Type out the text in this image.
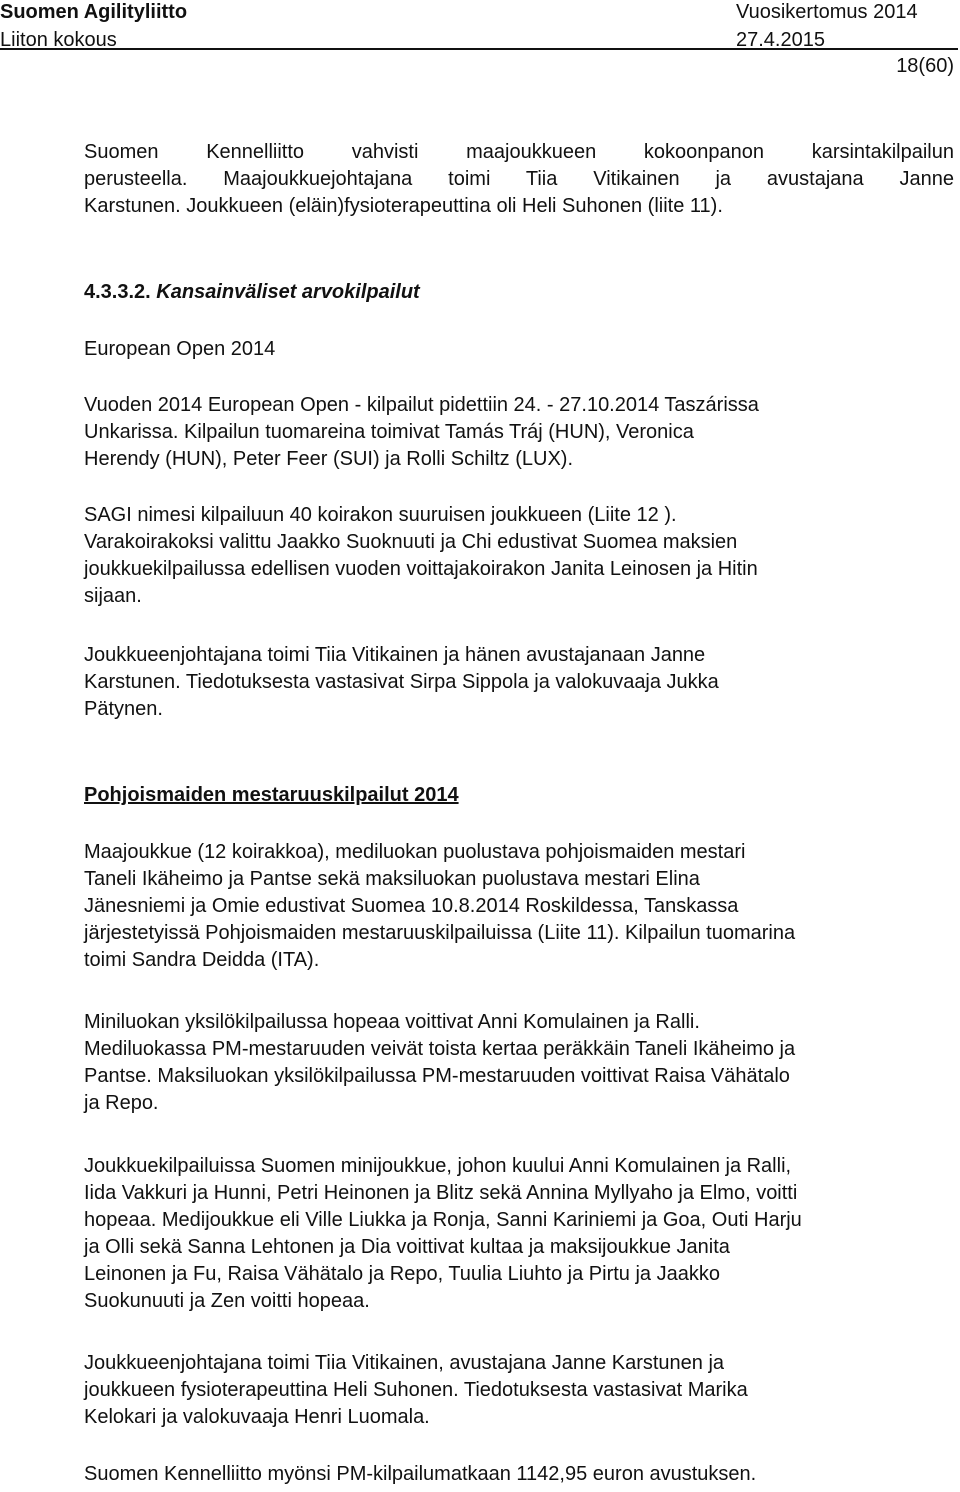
Suomen Agilityliitto	Vuosikertomus 2014
Liiton kokous	27.4.2015
18(60)

Suomen Kennelliitto vahvisti maajoukkueen kokoonpanon karsintakilpailun

perusteella. Maajoukkuejohtajana toimi Tiia Vitikainen ja avustajana Janne

Karstunen. Joukkueen (eläin)fysioterapeuttina oli Heli Suhonen (liite 11).

4.3.3.2. Kansainväliset arvokilpailut

European Open 2014

Vuoden 2014 European Open - kilpailut pidettiin 24. - 27.10.2014 Taszárissa

Unkarissa. Kilpailun tuomareina toimivat Tamás Tráj (HUN), Veronica

Herendy (HUN), Peter Feer (SUI) ja Rolli Schiltz (LUX).

SAGI nimesi kilpailuun 40 koirakon suuruisen joukkueen (Liite 12 ).

Varakoirakoksi valittu Jaakko Suoknuuti ja Chi edustivat Suomea maksien

joukkuekilpailussa edellisen vuoden voittajakoirakon Janita Leinosen ja Hitin

sijaan.

Joukkueenjohtajana toimi Tiia Vitikainen ja hänen avustajanaan Janne

Karstunen. Tiedotuksesta vastasivat Sirpa Sippola ja valokuvaaja Jukka

Pätynen.

Pohjoismaiden mestaruuskilpailut 2014

Maajoukkue (12 koirakkoa), mediluokan puolustava pohjoismaiden mestari

Taneli Ikäheimo ja Pantse sekä maksiluokan puolustava mestari Elina

Jänesniemi ja Omie edustivat Suomea 10.8.2014 Roskildessa, Tanskassa

järjestetyissä Pohjoismaiden mestaruuskilpailuissa (Liite 11). Kilpailun tuomarina

toimi Sandra Deidda (ITA).

Miniluokan yksilökilpailussa hopeaa voittivat Anni Komulainen ja Ralli.

Mediluokassa PM-mestaruuden veivät toista kertaa peräkkäin Taneli Ikäheimo ja

Pantse. Maksiluokan yksilökilpailussa PM-mestaruuden voittivat Raisa Vähätalo

ja Repo.

Joukkuekilpailuissa Suomen minijoukkue, johon kuului Anni Komulainen ja Ralli,

Iida Vakkuri ja Hunni, Petri Heinonen ja Blitz sekä Annina Myllyaho ja Elmo, voitti

hopeaa. Medijoukkue eli Ville Liukka ja Ronja, Sanni Kariniemi ja Goa, Outi Harju

ja Olli sekä Sanna Lehtonen ja Dia voittivat kultaa ja maksijoukkue Janita

Leinonen ja Fu, Raisa Vähätalo ja Repo, Tuulia Liuhto ja Pirtu ja Jaakko

Suokunuuti ja Zen voitti hopeaa.

Joukkueenjohtajana toimi Tiia Vitikainen, avustajana Janne Karstunen ja

joukkueen fysioterapeuttina Heli Suhonen. Tiedotuksesta vastasivat Marika

Kelokari ja valokuvaaja Henri Luomala.

Suomen Kennelliitto myönsi PM-kilpailumatkaan 1142,95 euron avustuksen.
